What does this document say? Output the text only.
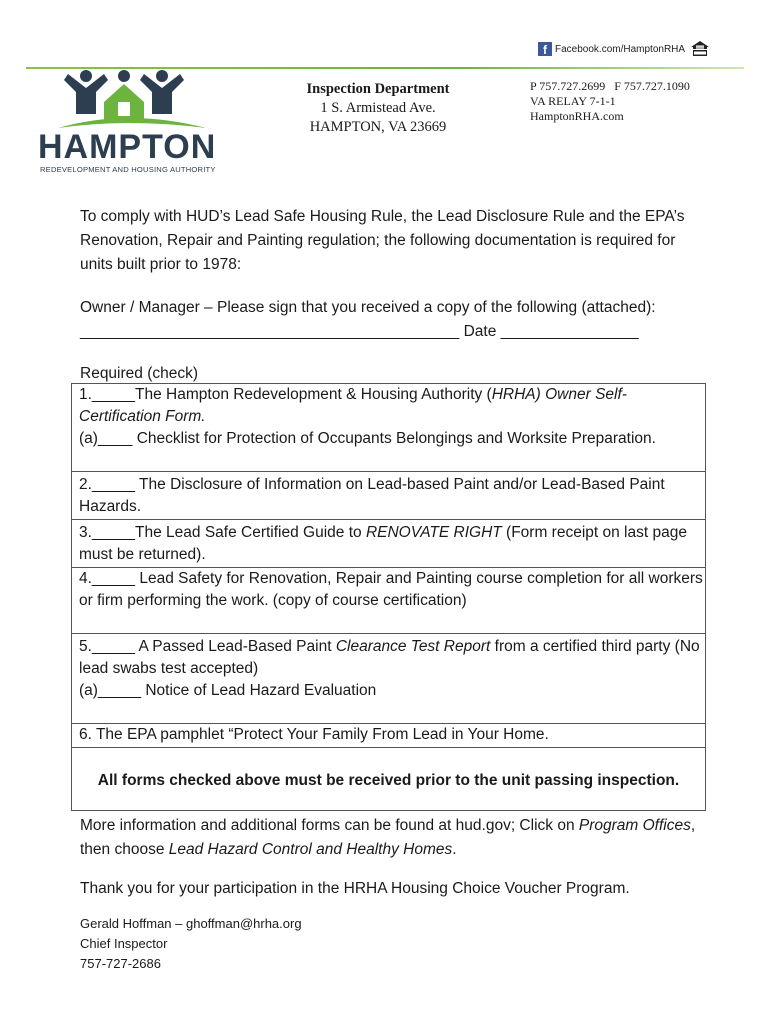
f Facebook.com/HamptonRHA
HAMPTON
REDEVELOPMENT AND HOUSING AUTHORITY
Inspection Department
1 S. Armistead Ave.
HAMPTON, VA 23669
P 757.727.2699 F 757.727.1090
VA RELAY 7-1-1
HamptonRHA.com
To comply with HUD’s Lead Safe Housing Rule, the Lead Disclosure Rule and the EPA’s Renovation, Repair and Painting regulation; the following documentation is required for units built prior to 1978:
Owner / Manager – Please sign that you received a copy of the following (attached):
____________________________________________ Date ________________
Required (check)
1._____The Hampton Redevelopment & Housing Authority (HRHA) Owner Self-Certification Form.
(a)____ Checklist for Protection of Occupants Belongings and Worksite Preparation.
2._____ The Disclosure of Information on Lead-based Paint and/or Lead-Based Paint Hazards.
3._____The Lead Safe Certified Guide to RENOVATE RIGHT (Form receipt on last page must be returned).
4._____ Lead Safety for Renovation, Repair and Painting course completion for all workers or firm performing the work. (copy of course certification)
5._____ A Passed Lead-Based Paint Clearance Test Report from a certified third party (No lead swabs test accepted)
(a)_____ Notice of Lead Hazard Evaluation
6. The EPA pamphlet “Protect Your Family From Lead in Your Home.
All forms checked above must be received prior to the unit passing inspection.
More information and additional forms can be found at hud.gov; Click on Program Offices, then choose Lead Hazard Control and Healthy Homes.
Thank you for your participation in the HRHA Housing Choice Voucher Program.
Gerald Hoffman – ghoffman@hrha.org
Chief Inspector
757-727-2686
